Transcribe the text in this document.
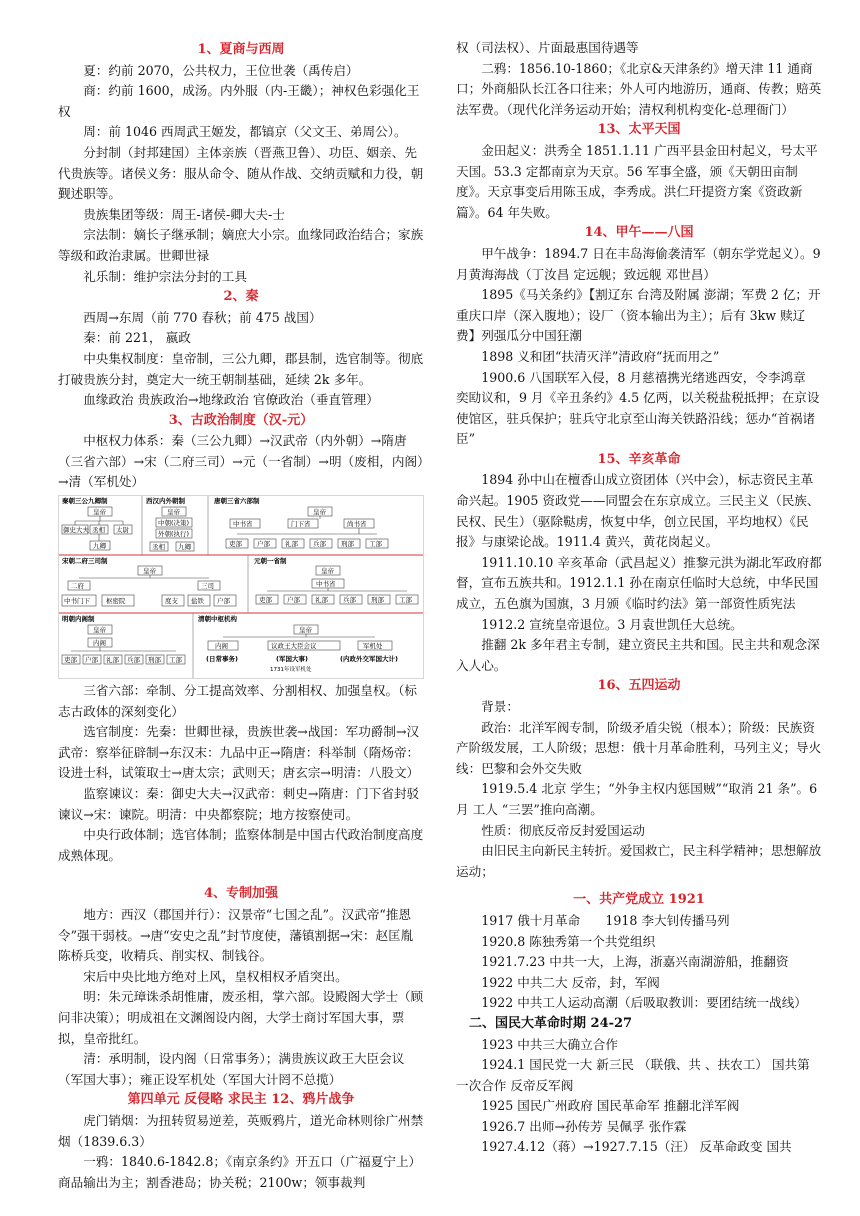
1、夏商与西周

夏：约前 2070，公共权力，王位世袭（禹传启）

商：约前 1600，成汤。内外服（内-王畿）；神权色彩强化王权

周：前 1046 西周武王姬发，都镐京（父文王、弟周公）。

分封制（封邦建国）主体亲族（晋燕卫鲁）、功臣、姻亲、先代贵族等。诸侯义务：服从命令、随从作战、交纳贡赋和力役，朝觐述职等。

贵族集团等级：周王-诸侯-卿大夫-士

宗法制：嫡长子继承制；嫡庶大小宗。血缘同政治结合；家族等级和政治隶属。世卿世禄

礼乐制：维护宗法分封的工具

2、秦

西周→东周（前 770 春秋；前 475 战国）

秦：前 221， 嬴政

中央集权制度：皇帝制，三公九卿，郡县制，选官制等。彻底打破贵族分封，奠定大一统王朝制基础，延续 2k 多年。

血缘政治 贵族政治→地缘政治 官僚政治（垂直管理）

3、古政治制度（汉-元）

中枢权力体系：秦（三公九卿）→汉武帝（内外朝）→隋唐（三省六部）→宋（二府三司）→元（一省制）→明（废相，内阁）→清（军机处）

秦朝三公九卿制
皇帝
御史大夫 丞相 太尉
九卿
西汉内外朝制
皇帝
中朝(决策)
外朝(执行)
丞相 九卿
唐朝三省六部制
皇帝
中书省	门下省	尚书省
吏部 户部 礼部 兵部 刑部 工部
宋朝二府三司制
皇帝
二府	三司
中书门下 枢密院	度支 盐铁 户部
元朝一省制
皇帝
中书省
吏部 户部 礼部 兵部 刑部 工部
明朝内阁制
皇帝
内阁
吏部 户部 礼部 兵部 刑部 工部
清朝中枢机构
皇帝
内阁	议政王大臣会议	军机处
(日常事务)	(军国大事)	(内政外交军国大计)
1731年设军机处

三省六部：牵制、分工提高效率、分割相权、加强皇权。（标志古政体的深刻变化）

选官制度：先秦：世卿世禄，贵族世袭→战国：军功爵制→汉武帝：察举征辟制→东汉末：九品中正→隋唐：科举制（隋炀帝：设进士科，试策取士→唐太宗；武则天；唐玄宗→明清：八股文）

监察谏议：秦：御史大夫→汉武帝：刺史→隋唐：门下省封驳谏议→宋：谏院。明清：中央都察院；地方按察使司。

中央行政体制；选官体制；监察体制是中国古代政治制度高度成熟体现。

4、专制加强

地方：西汉（郡国并行）：汉景帝“七国之乱”。汉武帝“推恩令”强干弱枝。→唐“安史之乱”封节度使，藩镇割据→宋：赵匡胤 陈桥兵变，收精兵、削实权、制钱谷。

宋后中央比地方绝对上风，皇权相权矛盾突出。

明：朱元璋诛杀胡惟庸，废丞相，掌六部。设殿阁大学士（顾问非决策）；明成祖在文渊阁设内阁，大学士商讨军国大事，票拟，皇帝批红。

清：承明制，设内阁（日常事务）；满贵族议政王大臣会议（军国大事）；雍正设军机处（军国大计罔不总揽）

第四单元 反侵略 求民主 12、鸦片战争

虎门销烟：为扭转贸易逆差，英贩鸦片，道光命林则徐广州禁烟（1839.6.3）

一鸦：1840.6-1842.8；《南京条约》开五口（广福夏宁上）商品输出为主；割香港岛；协关税；2100w；领事裁判

权（司法权）、片面最惠国待遇等

二鸦：1856.10-1860；《北京&天津条约》增天津 11 通商口；外商船队长江各口往来；外人可内地游历，通商、传教；赔英法军费。（现代化洋务运动开始；清权利机构变化-总理衙门）

13、太平天国

金田起义：洪秀全 1851.1.11 广西平县金田村起义，号太平天国。53.3 定都南京为天京。56 军事全盛，颁《天朝田亩制度》。天京事变后用陈玉成，李秀成。洪仁玕提资方案《资政新篇》。64 年失败。

14、甲午——八国

甲午战争：1894.7 日在丰岛海偷袭清军（朝东学党起义）。9 月黄海海战（丁汝昌 定远舰；致远舰 邓世昌）

1895《马关条约》【割辽东 台湾及附属 澎湖；军费 2 亿；开重庆口岸（深入腹地）；设厂（资本输出为主）；后有 3kw 赎辽费】列强瓜分中国狂潮

1898 义和团“扶清灭洋”清政府“抚而用之”

1900.6 八国联军入侵，8 月慈禧携光绪逃西安，令李鸿章 奕劻议和，9 月《辛丑条约》4.5 亿两，以关税盐税抵押；在京设使馆区，驻兵保护；驻兵守北京至山海关铁路沿线；惩办“首祸诸臣”

15、辛亥革命

1894 孙中山在檀香山成立资团体（兴中会），标志资民主革命兴起。1905 资政党——同盟会在东京成立。三民主义（民族、民权、民生）（驱除鞑虏，恢复中华，创立民国，平均地权）《民报》与康梁论战。1911.4 黄兴，黄花岗起义。

1911.10.10 辛亥革命（武昌起义）推黎元洪为湖北军政府都督，宣布五族共和。1912.1.1 孙在南京任临时大总统，中华民国成立，五色旗为国旗，3 月颁《临时约法》第一部资性质宪法

1912.2 宣统皇帝退位。3 月袁世凯任大总统。

推翻 2k 多年君主专制，建立资民主共和国。民主共和观念深入人心。

16、五四运动

背景：

政治：北洋军阀专制，阶级矛盾尖锐（根本）；阶级：民族资产阶级发展，工人阶级；思想：俄十月革命胜利，马列主义；导火线：巴黎和会外交失败

1919.5.4 北京 学生；“外争主权内惩国贼”“取消 21 条”。6 月 工人 “三罢”推向高潮。

性质：彻底反帝反封爱国运动

由旧民主向新民主转折。爱国救亡，民主科学精神；思想解放运动；

一、共产党成立 1921

1917 俄十月革命　　1918 李大钊传播马列

1920.8 陈独秀第一个共党组织

1921.7.23 中共一大，上海，浙嘉兴南湖游船，推翻资

1922 中共二大 反帝，封，军阀

1922 中共工人运动高潮（后吸取教训：要团结统一战线）

二、国民大革命时期 24-27

1923 中共三大确立合作

1924.1 国民党一大 新三民 （联俄、共 、扶农工） 国共第一次合作 反帝反军阀

1925 国民广州政府 国民革命军 推翻北洋军阀

1926.7 出师→孙传芳 吴佩孚 张作霖

1927.4.12（蒋）→1927.7.15（汪） 反革命政变 国共
